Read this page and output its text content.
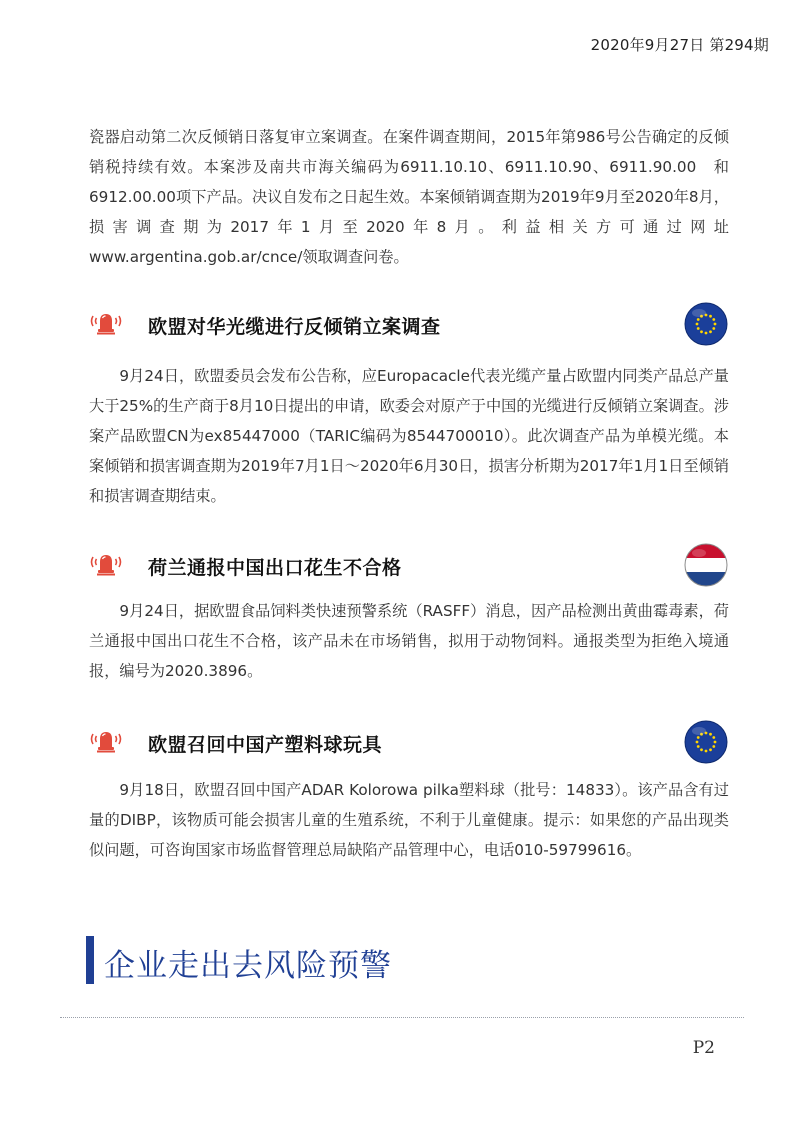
2020年9月27日 第294期

瓷器启动第二次反倾销日落复审立案调查。在案件调查期间，2015年第986号公告确定的反倾销税持续有效。本案涉及南共市海关编码为6911.10.10、6911.10.90、6911.90.00　和6912.00.00项下产品。决议自发布之日起生效。本案倾销调查期为2019年9月至2020年8月，损害调查期为2017年1月至2020年8月。利益相关方可通过网址www.argentina.gob.ar/cnce/领取调查问卷。

欧盟对华光缆进行反倾销立案调查

9月24日，欧盟委员会发布公告称，应Europacacle代表光缆产量占欧盟内同类产品总产量大于25%的生产商于8月10日提出的申请，欧委会对原产于中国的光缆进行反倾销立案调查。涉案产品欧盟CN为ex85447000（TARIC编码为8544700010）。此次调查产品为单模光缆。本案倾销和损害调查期为2019年7月1日～2020年6月30日，损害分析期为2017年1月1日至倾销和损害调查期结束。

荷兰通报中国出口花生不合格

9月24日，据欧盟食品饲料类快速预警系统（RASFF）消息，因产品检测出黄曲霉毒素，荷兰通报中国出口花生不合格，该产品未在市场销售，拟用于动物饲料。通报类型为拒绝入境通报，编号为2020.3896。

欧盟召回中国产塑料球玩具

9月18日，欧盟召回中国产ADAR Kolorowa pilka塑料球（批号：14833）。该产品含有过量的DIBP，该物质可能会损害儿童的生殖系统，不利于儿童健康。提示：如果您的产品出现类似问题，可咨询国家市场监督管理总局缺陷产品管理中心，电话010-59799616。

企业走出去风险预警
P2
